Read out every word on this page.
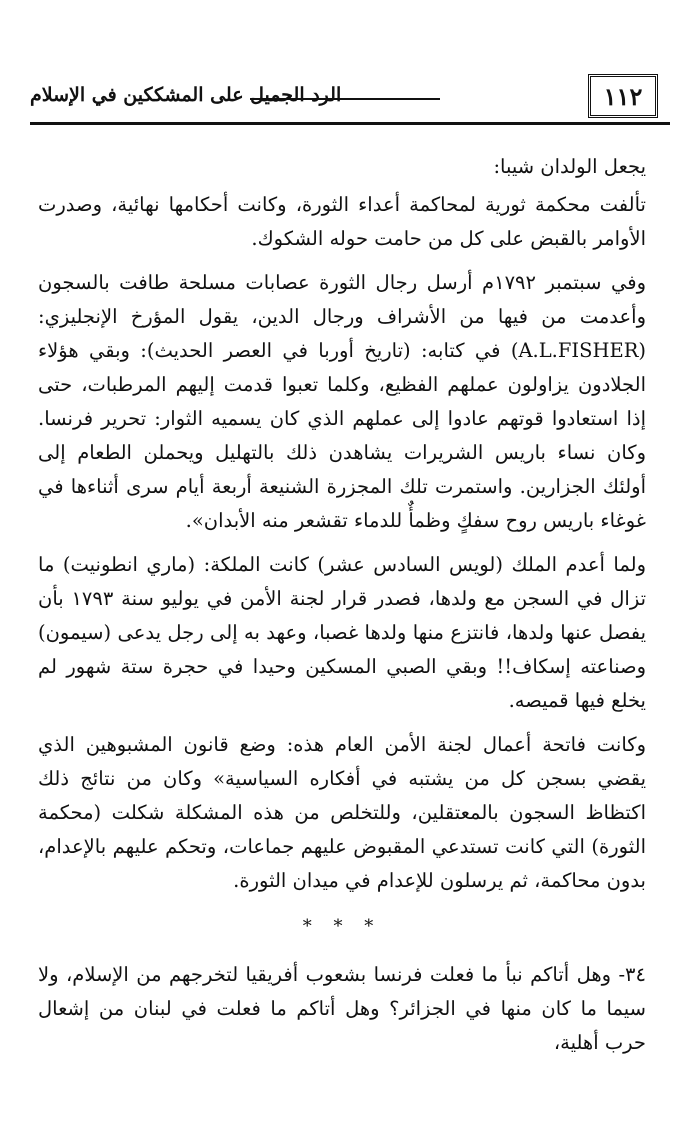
١١٢
الرد الجميل على المشككين في الإسلام

يجعل الولدان شيبا:

تألفت محكمة ثورية لمحاكمة أعداء الثورة، وكانت أحكامها نهائية، وصدرت الأوامر بالقبض على كل من حامت حوله الشكوك.

وفي سبتمبر ١٧٩٢م أرسل رجال الثورة عصابات مسلحة طافت بالسجون وأعدمت من فيها من الأشراف ورجال الدين، يقول المؤرخ الإنجليزي: (A.L.FISHER) في كتابه: (تاريخ أوربا في العصر الحديث): وبقي هؤلاء الجلادون يزاولون عملهم الفظيع، وكلما تعبوا قدمت إليهم المرطبات، حتى إذا استعادوا قوتهم عادوا إلى عملهم الذي كان يسميه الثوار: تحرير فرنسا. وكان نساء باريس الشريرات يشاهدن ذلك بالتهليل ويحملن الطعام إلى أولئك الجزارين. واستمرت تلك المجزرة الشنيعة أربعة أيام سرى أثناءها في غوغاء باريس روح سفكٍ وظمأٌ للدماء تقشعر منه الأبدان».

ولما أعدم الملك (لويس السادس عشر) كانت الملكة: (ماري انطونيت) ما تزال في السجن مع ولدها، فصدر قرار لجنة الأمن في يوليو سنة ١٧٩٣ بأن يفصل عنها ولدها، فانتزع منها ولدها غصبا، وعهد به إلى رجل يدعى (سيمون) وصناعته إسكاف!! وبقي الصبي المسكين وحيدا في حجرة ستة شهور لم يخلع فيها قميصه.

وكانت فاتحة أعمال لجنة الأمن العام هذه: وضع قانون المشبوهين الذي يقضي بسجن كل من يشتبه في أفكاره السياسية» وكان من نتائج ذلك اكتظاظ السجون بالمعتقلين، وللتخلص من هذه المشكلة شكلت (محكمة الثورة) التي كانت تستدعي المقبوض عليهم جماعات، وتحكم عليهم بالإعدام، بدون محاكمة، ثم يرسلون للإعدام في ميدان الثورة.

* * *

٣٤- وهل أتاكم نبأ ما فعلت فرنسا بشعوب أفريقيا لتخرجهم من الإسلام، ولا سيما ما كان منها في الجزائر؟ وهل أتاكم ما فعلت في لبنان من إشعال حرب أهلية،
